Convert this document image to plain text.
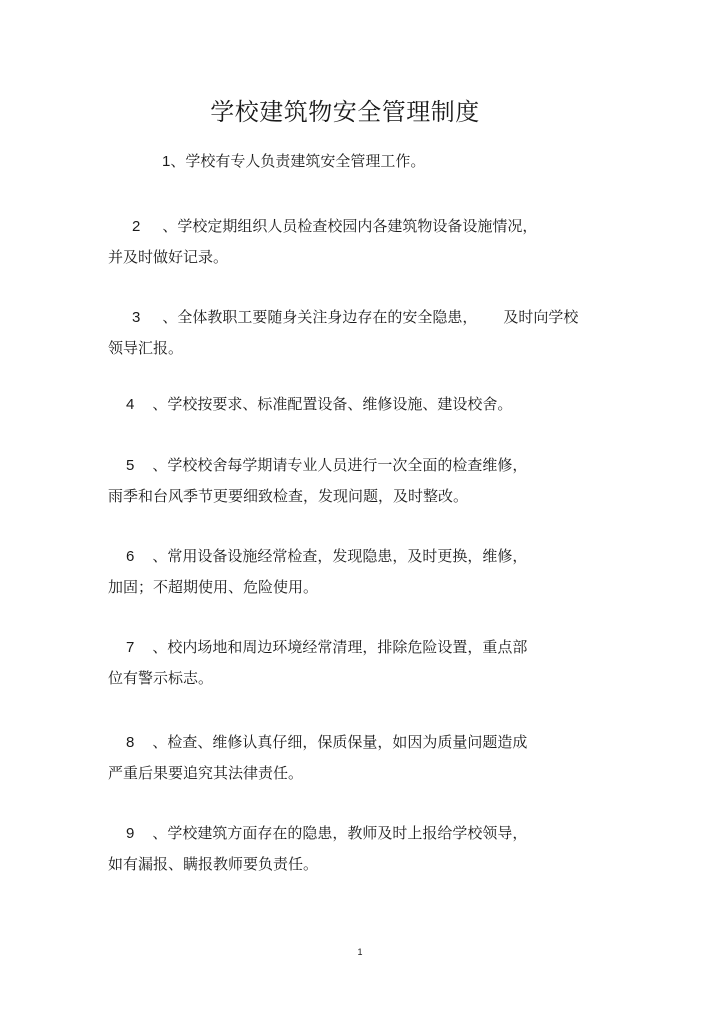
学校建筑物安全管理制度
1、学校有专人负责建筑安全管理工作。
2 、学校定期组织人员检查校园内各建筑物设备设施情况，
并及时做好记录。
3 、全体教职工要随身关注身边存在的安全隐患， 及时向学校
领导汇报。
4 、学校按要求、标准配置设备、维修设施、建设校舍。
5 、学校校舍每学期请专业人员进行一次全面的检查维修，
雨季和台风季节更要细致检查，发现问题，及时整改。
6 、常用设备设施经常检查，发现隐患，及时更换，维修，
加固；不超期使用、危险使用。
7 、校内场地和周边环境经常清理，排除危险设置，重点部
位有警示标志。
8 、检查、维修认真仔细，保质保量，如因为质量问题造成
严重后果要追究其法律责任。
9 、学校建筑方面存在的隐患，教师及时上报给学校领导，
如有漏报、瞒报教师要负责任。
1
